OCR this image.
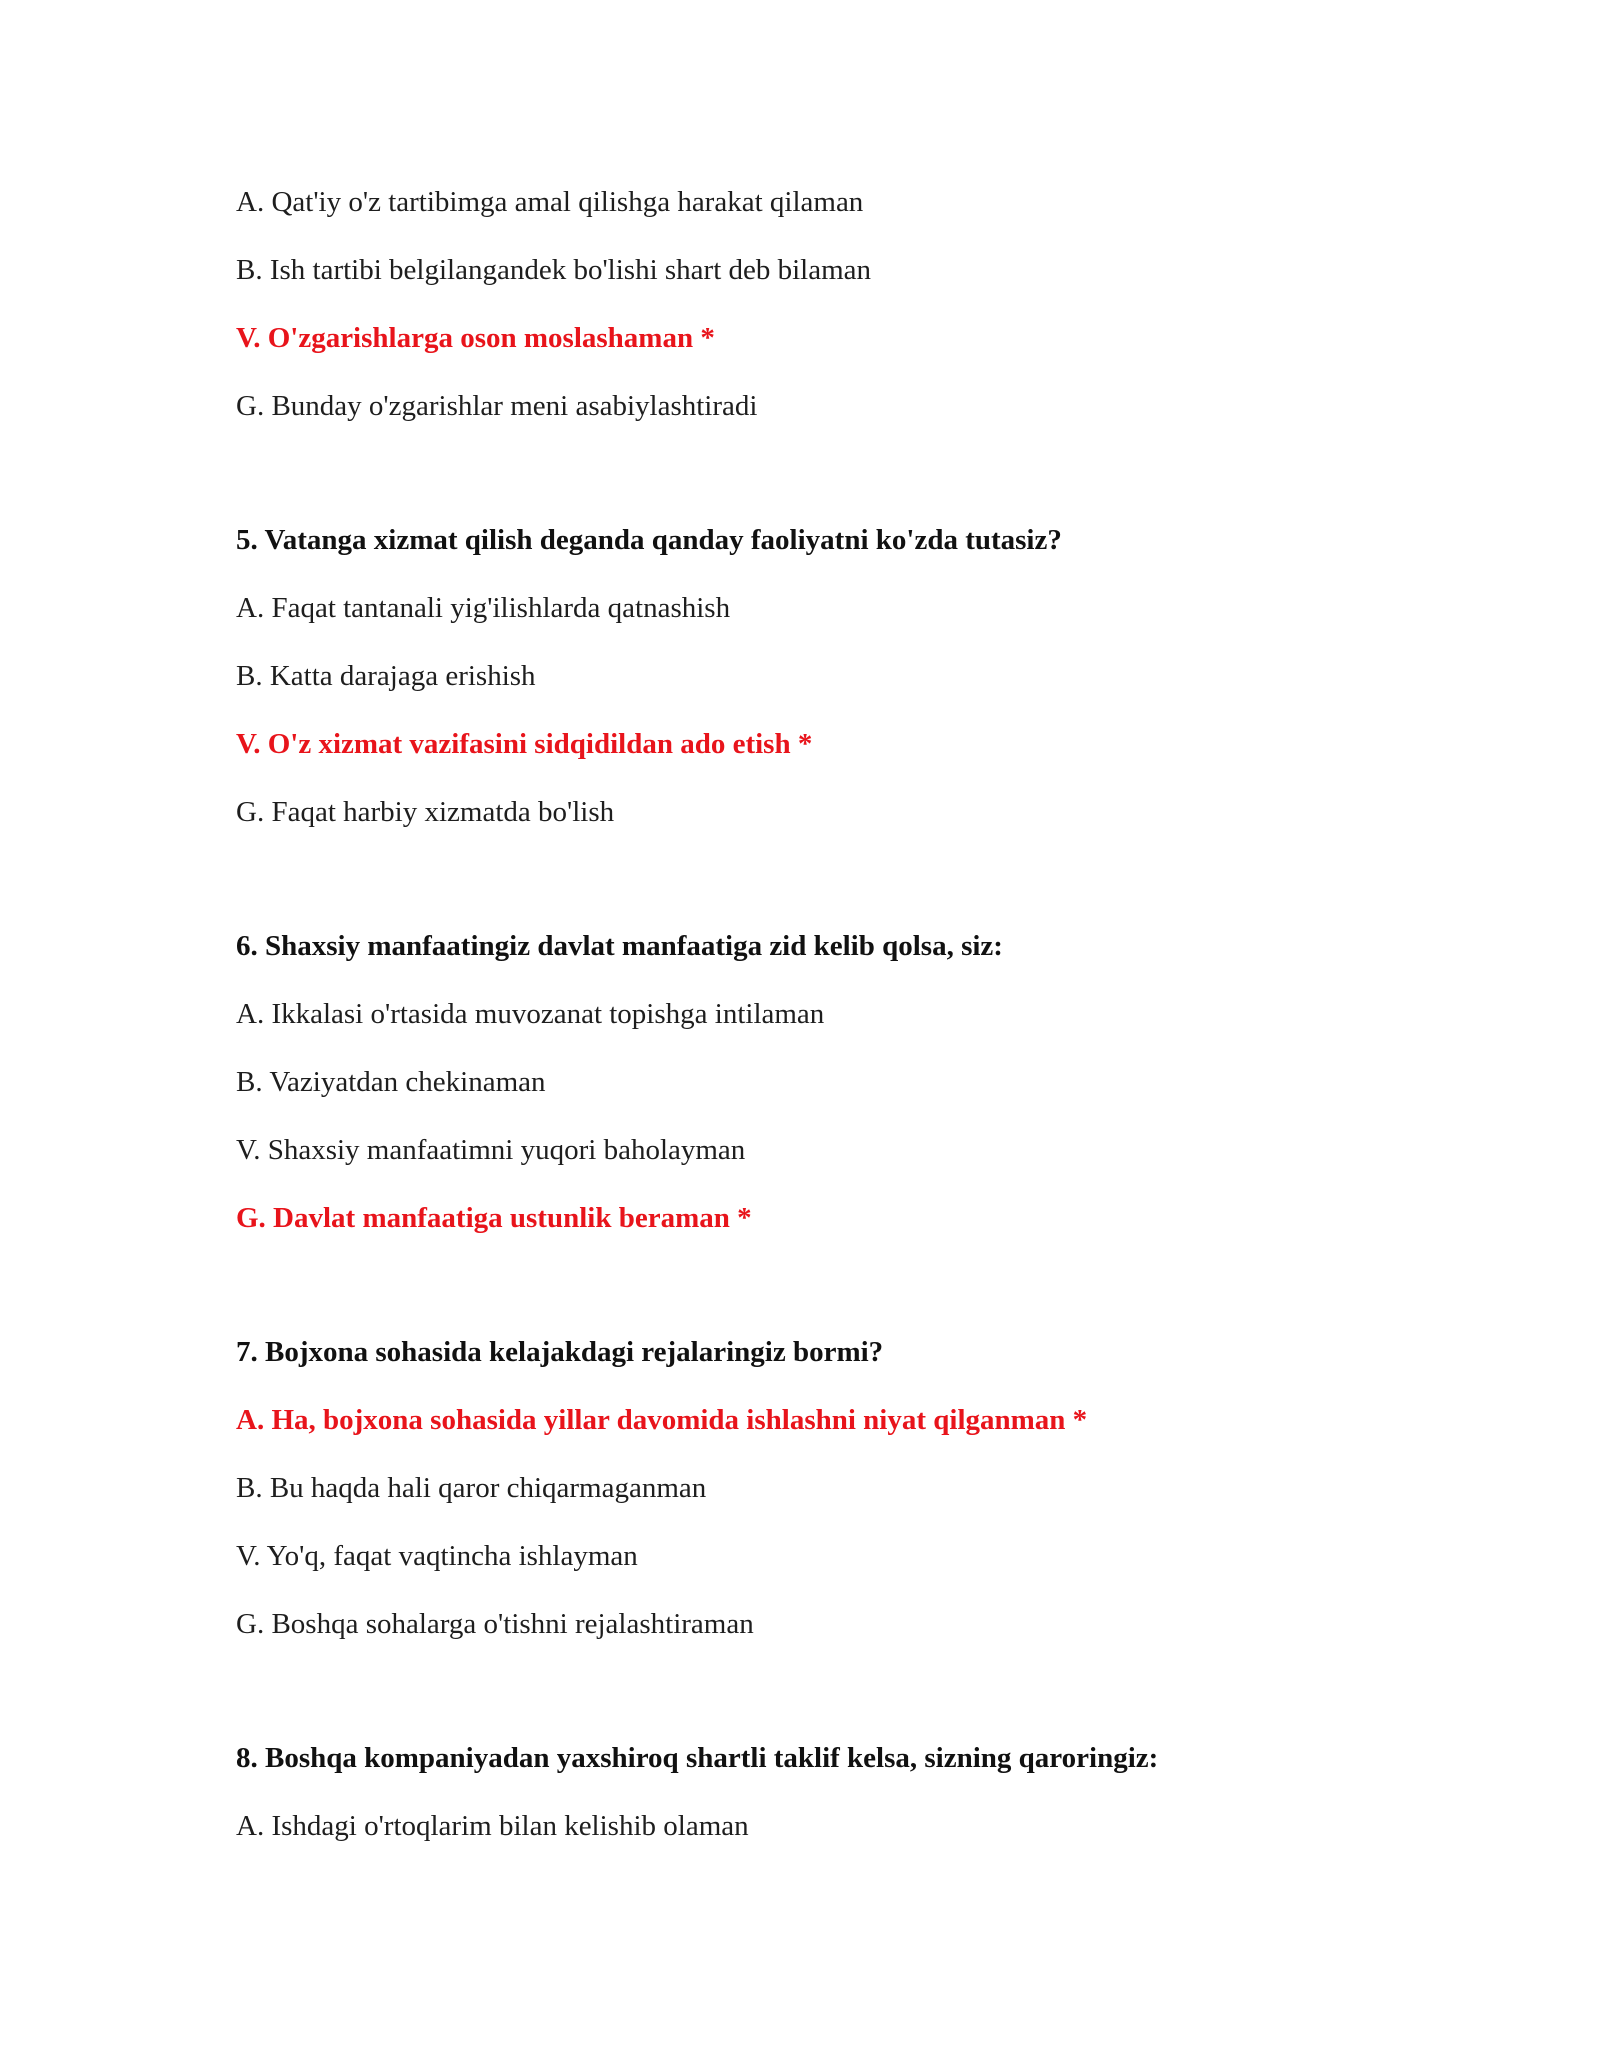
A. Qat'iy o'z tartibimga amal qilishga harakat qilaman
B. Ish tartibi belgilangandek bo'lishi shart deb bilaman
V. O'zgarishlarga oson moslashaman *
G. Bunday o'zgarishlar meni asabiylashtiradi
5. Vatanga xizmat qilish deganda qanday faoliyatni ko'zda tutasiz?
A. Faqat tantanali yig'ilishlarda qatnashish
B. Katta darajaga erishish
V. O'z xizmat vazifasini sidqidildan ado etish *
G. Faqat harbiy xizmatda bo'lish
6. Shaxsiy manfaatingiz davlat manfaatiga zid kelib qolsa, siz:
A. Ikkalasi o'rtasida muvozanat topishga intilaman
B. Vaziyatdan chekinaman
V. Shaxsiy manfaatimni yuqori baholayman
G. Davlat manfaatiga ustunlik beraman *
7. Bojxona sohasida kelajakdagi rejalaringiz bormi?
A. Ha, bojxona sohasida yillar davomida ishlashni niyat qilganman *
B. Bu haqda hali qaror chiqarmaganman
V. Yo'q, faqat vaqtincha ishlayman
G. Boshqa sohalarga o'tishni rejalashtiraman
8. Boshqa kompaniyadan yaxshiroq shartli taklif kelsa, sizning qaroringiz:
A. Ishdagi o'rtoqlarim bilan kelishib olaman
